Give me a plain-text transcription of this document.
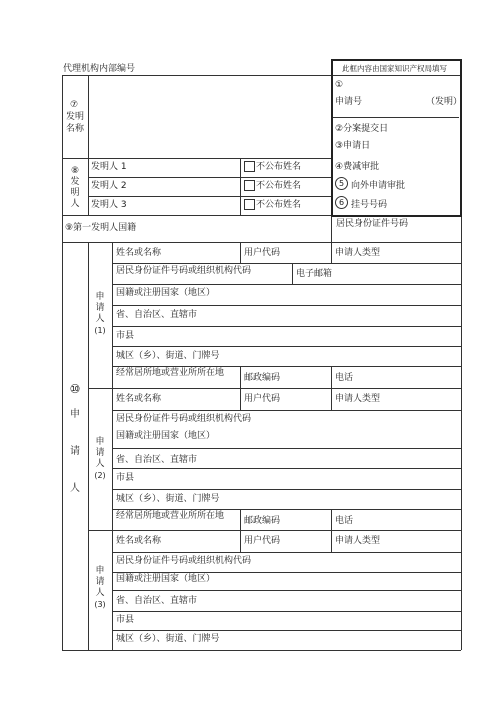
代理机构内部编号	此框内容由国家知识产权局填写
①
申请号	（发明）
②分案提交日
③申请日
④费减审批
5 向外申请审批
6 挂号号码
⑦
发明
名称
⑧
发
明
人
发明人 1	不公布姓名
发明人 2	不公布姓名
发明人 3	不公布姓名
⑨第一发明人国籍	居民身份证件号码
⑩
申
请
人
申
请
人
(1)
申
请
人
(2)
申
请
人
(3)
姓名或名称	用户代码	申请人类型
居民身份证件号码或组织机构代码	电子邮箱
国籍或注册国家（地区）
省、自治区、直辖市
市县
城区（乡）、街道、门牌号
经常居所地或营业所所在地 邮政编码	电话
姓名或名称	用户代码	申请人类型
居民身份证件号码或组织机构代码
国籍或注册国家（地区）
省、自治区、直辖市
市县
城区（乡）、街道、门牌号
经常居所地或营业所所在地 邮政编码	电话
姓名或名称	用户代码	申请人类型
居民身份证件号码或组织机构代码
国籍或注册国家（地区）
省、自治区、直辖市
市县
城区（乡）、街道、门牌号
